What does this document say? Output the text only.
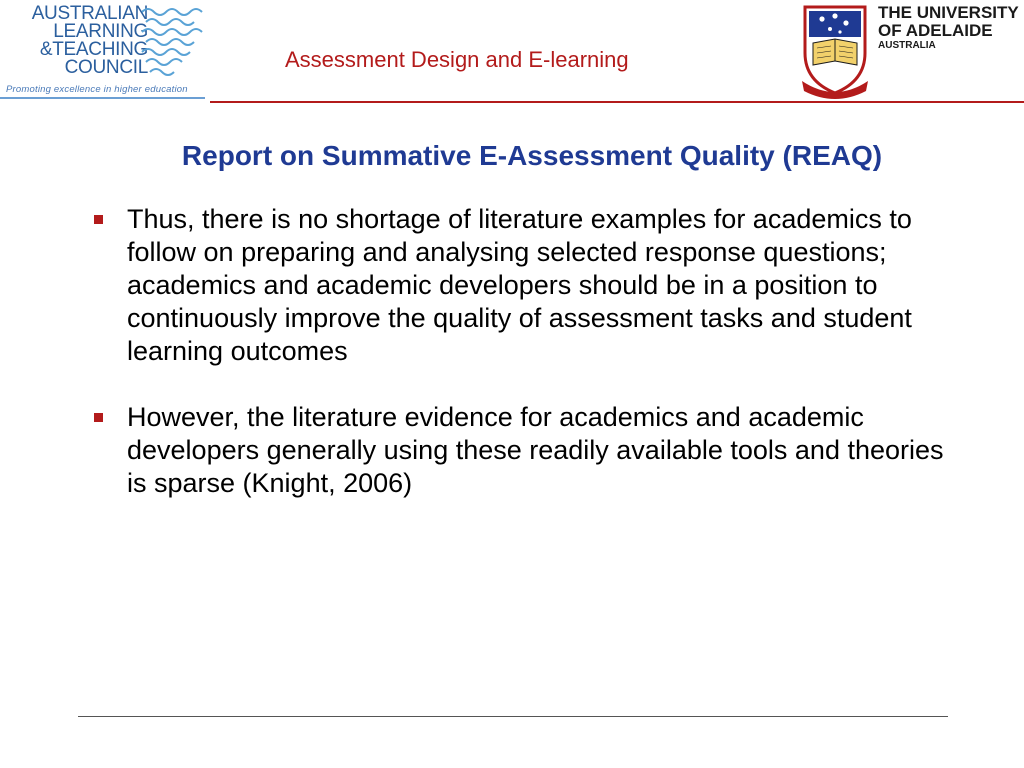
AUSTRALIAN
LEARNING
&TEACHING
COUNCIL
Promoting excellence in higher education
Assessment Design and E-learning
THE UNIVERSITY
OF ADELAIDE
AUSTRALIA
Report on Summative E-Assessment Quality (REAQ)
Thus, there is no shortage of literature examples for academics to follow on preparing and analysing selected response questions; academics and academic developers should be in a position to continuously improve the quality of assessment tasks and student learning outcomes
However, the literature evidence for academics and academic developers generally using these readily available tools and theories is sparse (Knight, 2006)
